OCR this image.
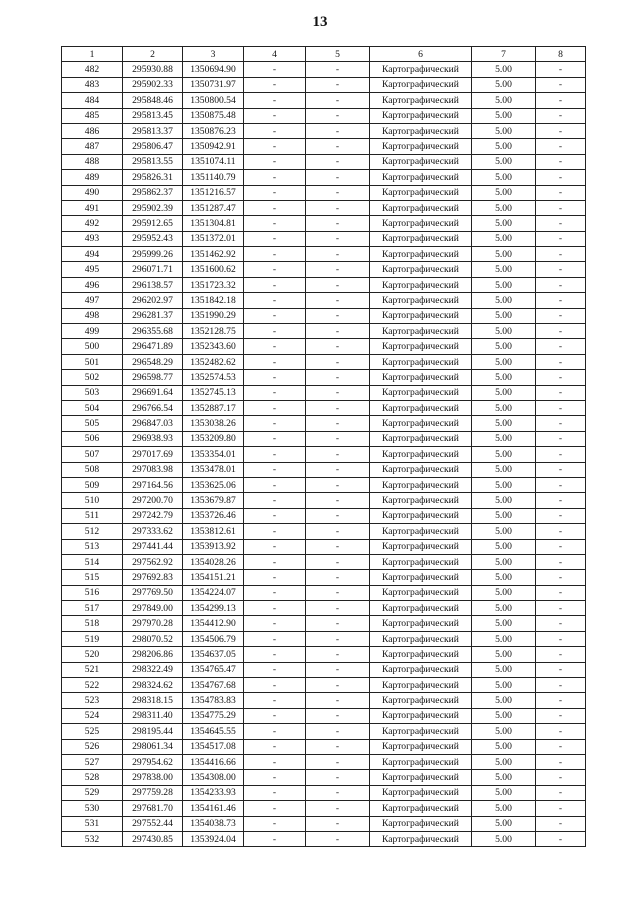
13
1	2	3	4	5	6	7	8
482	295930.88	1350694.90	-	-	Картографический	5.00	-
483	295902.33	1350731.97	-	-	Картографический	5.00	-
484	295848.46	1350800.54	-	-	Картографический	5.00	-
485	295813.45	1350875.48	-	-	Картографический	5.00	-
486	295813.37	1350876.23	-	-	Картографический	5.00	-
487	295806.47	1350942.91	-	-	Картографический	5.00	-
488	295813.55	1351074.11	-	-	Картографический	5.00	-
489	295826.31	1351140.79	-	-	Картографический	5.00	-
490	295862.37	1351216.57	-	-	Картографический	5.00	-
491	295902.39	1351287.47	-	-	Картографический	5.00	-
492	295912.65	1351304.81	-	-	Картографический	5.00	-
493	295952.43	1351372.01	-	-	Картографический	5.00	-
494	295999.26	1351462.92	-	-	Картографический	5.00	-
495	296071.71	1351600.62	-	-	Картографический	5.00	-
496	296138.57	1351723.32	-	-	Картографический	5.00	-
497	296202.97	1351842.18	-	-	Картографический	5.00	-
498	296281.37	1351990.29	-	-	Картографический	5.00	-
499	296355.68	1352128.75	-	-	Картографический	5.00	-
500	296471.89	1352343.60	-	-	Картографический	5.00	-
501	296548.29	1352482.62	-	-	Картографический	5.00	-
502	296598.77	1352574.53	-	-	Картографический	5.00	-
503	296691.64	1352745.13	-	-	Картографический	5.00	-
504	296766.54	1352887.17	-	-	Картографический	5.00	-
505	296847.03	1353038.26	-	-	Картографический	5.00	-
506	296938.93	1353209.80	-	-	Картографический	5.00	-
507	297017.69	1353354.01	-	-	Картографический	5.00	-
508	297083.98	1353478.01	-	-	Картографический	5.00	-
509	297164.56	1353625.06	-	-	Картографический	5.00	-
510	297200.70	1353679.87	-	-	Картографический	5.00	-
511	297242.79	1353726.46	-	-	Картографический	5.00	-
512	297333.62	1353812.61	-	-	Картографический	5.00	-
513	297441.44	1353913.92	-	-	Картографический	5.00	-
514	297562.92	1354028.26	-	-	Картографический	5.00	-
515	297692.83	1354151.21	-	-	Картографический	5.00	-
516	297769.50	1354224.07	-	-	Картографический	5.00	-
517	297849.00	1354299.13	-	-	Картографический	5.00	-
518	297970.28	1354412.90	-	-	Картографический	5.00	-
519	298070.52	1354506.79	-	-	Картографический	5.00	-
520	298206.86	1354637.05	-	-	Картографический	5.00	-
521	298322.49	1354765.47	-	-	Картографический	5.00	-
522	298324.62	1354767.68	-	-	Картографический	5.00	-
523	298318.15	1354783.83	-	-	Картографический	5.00	-
524	298311.40	1354775.29	-	-	Картографический	5.00	-
525	298195.44	1354645.55	-	-	Картографический	5.00	-
526	298061.34	1354517.08	-	-	Картографический	5.00	-
527	297954.62	1354416.66	-	-	Картографический	5.00	-
528	297838.00	1354308.00	-	-	Картографический	5.00	-
529	297759.28	1354233.93	-	-	Картографический	5.00	-
530	297681.70	1354161.46	-	-	Картографический	5.00	-
531	297552.44	1354038.73	-	-	Картографический	5.00	-
532	297430.85	1353924.04	-	-	Картографический	5.00	-
